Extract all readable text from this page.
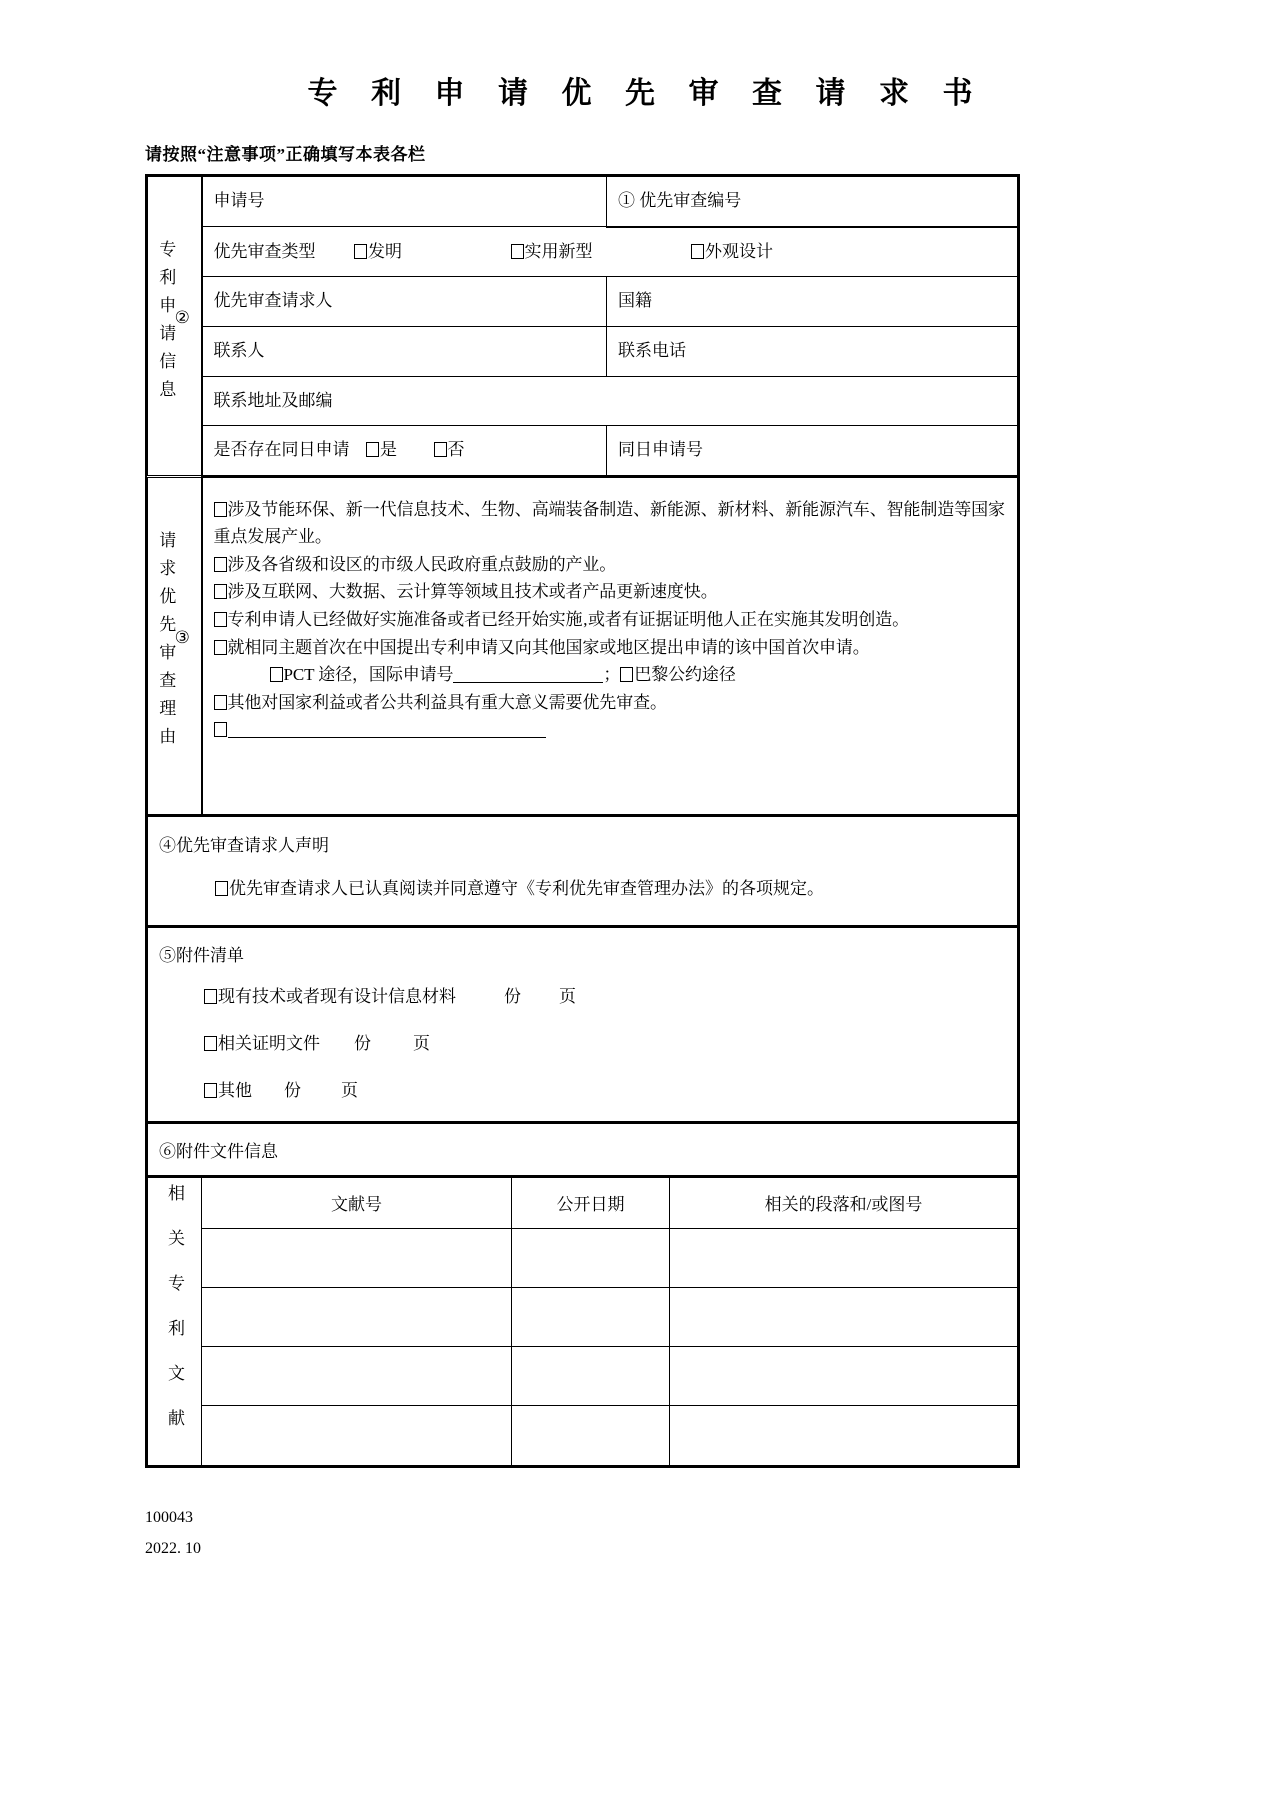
专 利 申 请 优 先 审 查 请 求 书
请按照“注意事项”正确填写本表各栏
②
专利申请信息	申请号	① 优先审查编号
	优先审查类型 发明 实用新型 外观设计	
	优先审查请求人	国籍
	联系人	联系电话
	联系地址及邮编	
	是否存在同日申请 是 否	同日申请号
③
请求优先审查理由	
涉及节能环保、新一代信息技术、生物、高端装备制造、新能源、新材料、新能源汽车、智能制造等国家重点发展产业。
涉及各省级和设区的市级人民政府重点鼓励的产业。
涉及互联网、大数据、云计算等领域且技术或者产品更新速度快。
专利申请人已经做好实施准备或者已经开始实施‚或者有证据证明他人正在实施其发明创造。
就相同主题首次在中国提出专利申请又向其他国家或地区提出申请的该中国首次申请。
PCT 途径，国际申请号	； 巴黎公约途径
其他对国家利益或者公共利益具有重大意义需要优先审查。
④优先审查请求人声明
优先审查请求人已认真阅读并同意遵守《专利优先审查管理办法》的各项规定。
⑤附件清单
现有技术或者现有设计信息材料	份 页
相关证明文件 份 页
其他 份 页
⑥附件文件信息
相关专利文献	文献号	公开日期	相关的段落和/或图号

100043
2022. 10
